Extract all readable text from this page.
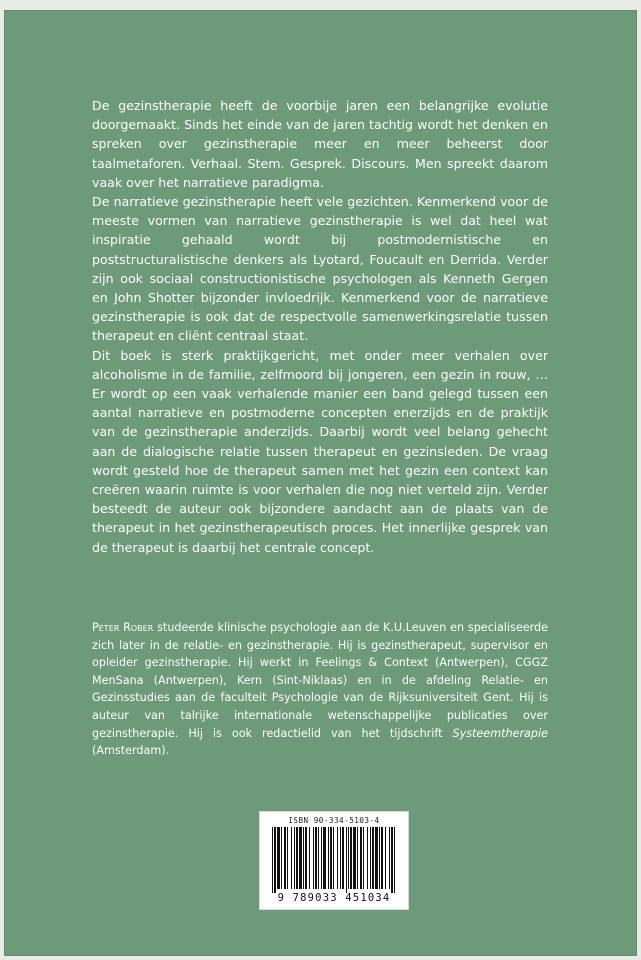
De gezinstherapie heeft de voorbije jaren een belangrijke evolutie doorgemaakt. Sinds het einde van de jaren tachtig wordt het denken en spreken over gezinstherapie meer en meer beheerst door taalmetaforen. Verhaal. Stem. Gesprek. Discours. Men spreekt daarom vaak over het narratieve paradigma.

De narratieve gezinstherapie heeft vele gezichten. Kenmerkend voor de meeste vormen van narratieve gezinstherapie is wel dat heel wat inspiratie gehaald wordt bij postmodernistische en poststructuralistische denkers als Lyotard, Foucault en Derrida. Verder zijn ook sociaal constructionistische psychologen als Kenneth Gergen en John Shotter bijzonder invloedrijk. Kenmerkend voor de narratieve gezinstherapie is ook dat de respectvolle samenwerkingsrelatie tussen therapeut en cliënt centraal staat.

Dit boek is sterk praktijkgericht, met onder meer verhalen over alcoholisme in de familie, zelfmoord bij jongeren, een gezin in rouw, … Er wordt op een vaak verhalende manier een band gelegd tussen een aantal narratieve en postmoderne concepten enerzijds en de praktijk van de gezinstherapie anderzijds. Daarbij wordt veel belang gehecht aan de dialogische relatie tussen therapeut en gezinsleden. De vraag wordt gesteld hoe de therapeut samen met het gezin een context kan creëren waarin ruimte is voor verhalen die nog niet verteld zijn. Verder besteedt de auteur ook bijzondere aandacht aan de plaats van de therapeut in het gezinstherapeutisch proces. Het innerlijke gesprek van de therapeut is daarbij het centrale concept.

Peter Rober studeerde klinische psychologie aan de K.U.Leuven en specialiseerde zich later in de relatie- en gezinstherapie. Hij is gezinstherapeut, supervisor en opleider gezinstherapie. Hij werkt in Feelings & Context (Antwerpen), CGGZ MenSana (Antwerpen), Kern (Sint-Niklaas) en in de afdeling Relatie- en Gezinsstudies aan de faculteit Psychologie van de Rijksuniversiteit Gent. Hij is auteur van talrijke internationale wetenschappelijke publicaties over gezinstherapie. Hij is ook redactielid van het tijdschrift Systeemtherapie (Amsterdam).

ISBN 90-334-5103-4
9 789033 451034
